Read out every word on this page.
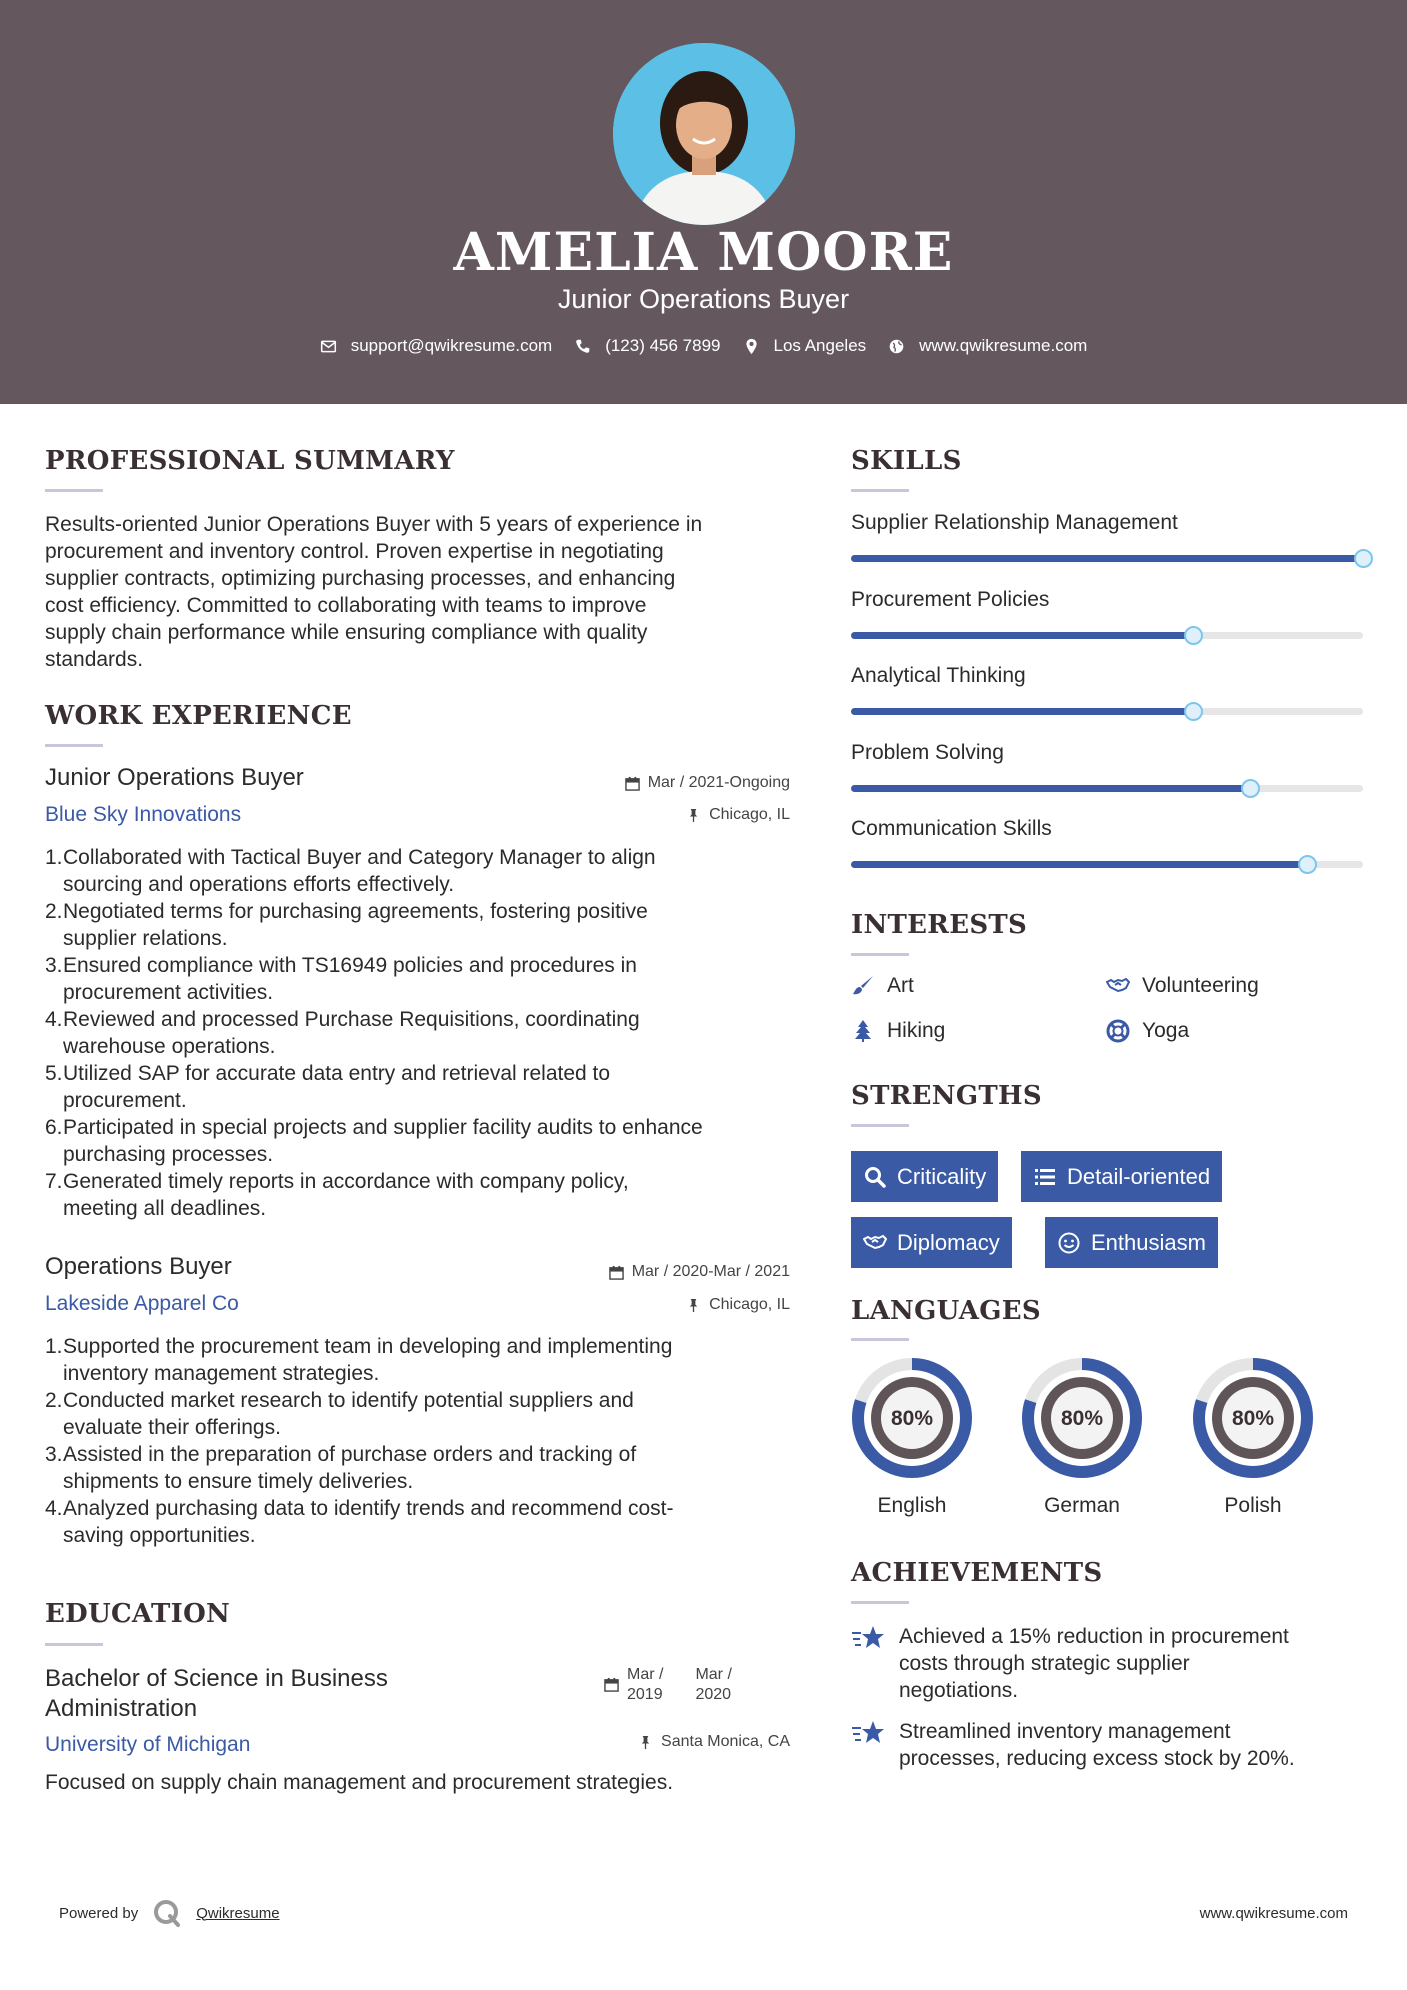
AMELIA MOORE
Junior Operations Buyer
support@qwikresume.com	(123) 456 7899	Los Angeles	www.qwikresume.com
PROFESSIONAL SUMMARY
Results-oriented Junior Operations Buyer with 5 years of experience in
procurement and inventory control. Proven expertise in negotiating
supplier contracts, optimizing purchasing processes, and enhancing
cost efficiency. Committed to collaborating with teams to improve
supply chain performance while ensuring compliance with quality
standards.
WORK EXPERIENCE
Junior Operations Buyer	Mar / 2021-Ongoing
Blue Sky Innovations	Chicago, IL
1. Collaborated with Tactical Buyer and Category Manager to align
sourcing and operations efforts effectively.
2. Negotiated terms for purchasing agreements, fostering positive
supplier relations.
3. Ensured compliance with TS16949 policies and procedures in
procurement activities.
4. Reviewed and processed Purchase Requisitions, coordinating
warehouse operations.
5. Utilized SAP for accurate data entry and retrieval related to
procurement.
6. Participated in special projects and supplier facility audits to enhance
purchasing processes.
7. Generated timely reports in accordance with company policy,
meeting all deadlines.
Operations Buyer	Mar / 2020-Mar / 2021
Lakeside Apparel Co	Chicago, IL
1. Supported the procurement team in developing and implementing
inventory management strategies.
2. Conducted market research to identify potential suppliers and
evaluate their offerings.
3. Assisted in the preparation of purchase orders and tracking of
shipments to ensure timely deliveries.
4. Analyzed purchasing data to identify trends and recommend cost-
saving opportunities.
EDUCATION
Bachelor of Science in Business
Administration
Mar /
2019
Mar /
2020
University of Michigan	Santa Monica, CA
Focused on supply chain management and procurement strategies.
SKILLS
Supplier Relationship Management
Procurement Policies
Analytical Thinking
Problem Solving
Communication Skills
INTERESTS
Art	Volunteering
Hiking	Yoga
STRENGTHS
Criticality	Detail-oriented
Diplomacy	Enthusiasm
LANGUAGES
80%
English
80%
German
80%
Polish
ACHIEVEMENTS
Achieved a 15% reduction in procurement
costs through strategic supplier
negotiations.
Streamlined inventory management
processes, reducing excess stock by 20%.
Powered by	Qwikresume	www.qwikresume.com
